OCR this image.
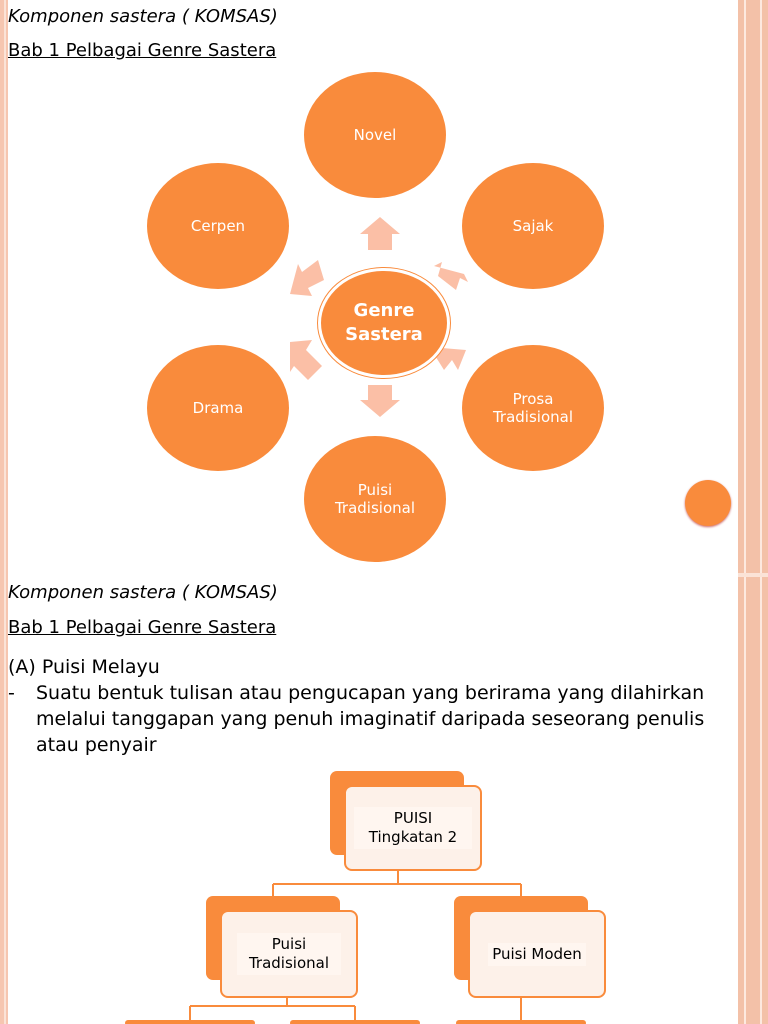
Komponen sastera ( KOMSAS)
Bab 1 Pelbagai Genre Sastera
Novel
Sajak
Prosa Tradisional
Puisi Tradisional
Drama
Cerpen
Genre Sastera
Komponen sastera ( KOMSAS)
Bab 1 Pelbagai Genre Sastera
(A) Puisi Melayu
- Suatu bentuk tulisan atau pengucapan yang berirama yang dilahirkan melalui tanggapan yang penuh imaginatif daripada seseorang penulis atau penyair
PUISI Tingkatan 2
Puisi Tradisional
Puisi Moden
